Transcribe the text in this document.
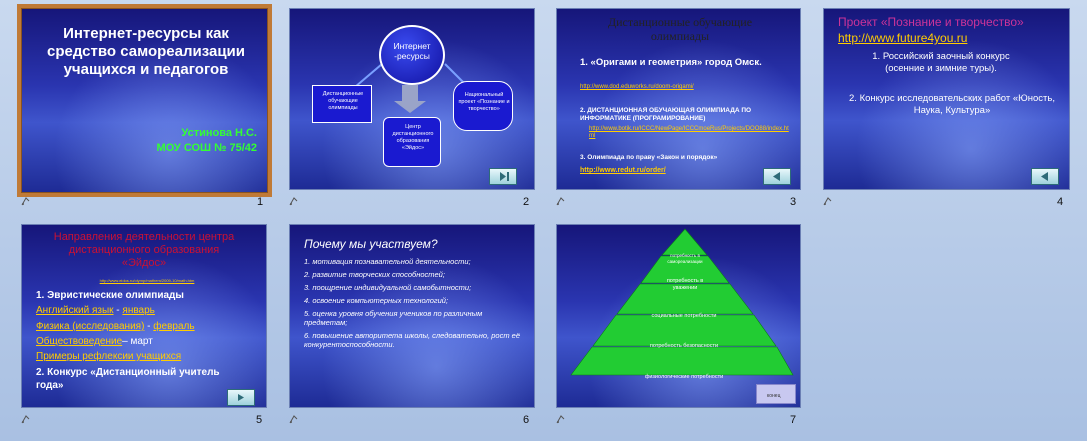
Интернет-ресурсы как средство самореализации учащихся и педагогов

Устинова Н.С.

МОУ СОШ № 75/42

1

Интернет -ресурсы

Дистанционные обучающие олимпиады

Центр дистанционного образования «Эйдос»

Национальный проект «Познание и творчество»

2

Дистанционные обучающие олимпиады

1. «Оригами и геометрия» город Омск.

http://www.dod.eduworks.ru/doom-origami/

2. ДИСТАНЦИОННАЯ ОБУЧАЮЩАЯ ОЛИМПИАДА ПО ИНФОРМАТИКЕ (ПРОГРАМИРОВАНИЕ)

http://www.botik.ru/ICCC/NewPage/ICCCmoeRus/Projects/DOO88/index.html

3. Олимпиада по праву «Закон и порядок»

http://www.redut.ru/order/

3

Проект «Познание и творчество»

http://www.future4you.ru

1. Российский заочный конкурс (осенние и зимние туры).

2. Конкурс исследовательских работ «Юность, Наука, Культура»

4

Направления деятельности центра дистанционного образования «Эйдос»

http://www.eidos.ru/olymp/mathem/2009-10/math.htm

1. Эвристические олимпиады

Английский язык - январь

Физика (исследования) - февраль

Обществоведение– март

Примеры рефлексии учащихся

2. Конкурс «Дистанционный учитель года»

5

Почему мы участвуем?

1. мотивация познавательной деятельности;

2. развитие творческих способностей;

3. поощрение индивидуальной самобытности;

4. освоение компьютерных технологий;

5. оценка уровня обучения учеников по различным предметам;

6. повышение авторитета школы, следовательно, рост её конкурентоспособности.

6

потребность в самореализации

потребность в уважении

социальные потребности

потребность безопасности

физиологические потребности

конец
7
